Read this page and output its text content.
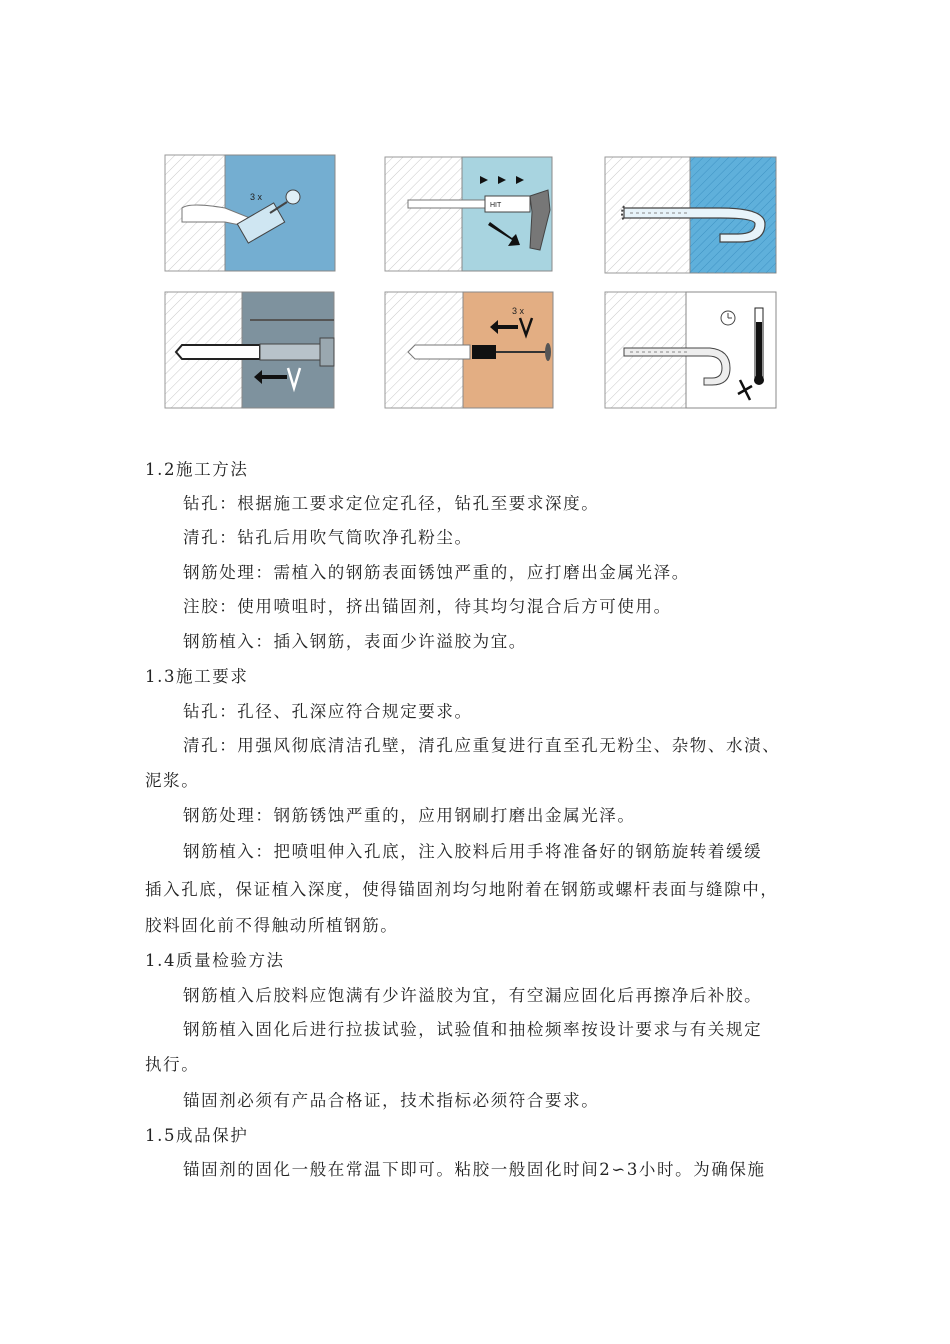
3 x
HIT
3 x
1.2施工方法
钻孔：根据施工要求定位定孔径，钻孔至要求深度。
清孔：钻孔后用吹气筒吹净孔粉尘。
钢筋处理：需植入的钢筋表面锈蚀严重的，应打磨出金属光泽。
注胶：使用喷咀时，挤出锚固剂，待其均匀混合后方可使用。
钢筋植入：插入钢筋，表面少许溢胶为宜。
1.3施工要求
钻孔：孔径、孔深应符合规定要求。
清孔：用强风彻底清洁孔壁，清孔应重复进行直至孔无粉尘、杂物、水渍、
泥浆。
钢筋处理：钢筋锈蚀严重的，应用钢刷打磨出金属光泽。
钢筋植入：把喷咀伸入孔底，注入胶料后用手将准备好的钢筋旋转着缓缓
插入孔底，保证植入深度，使得锚固剂均匀地附着在钢筋或螺杆表面与缝隙中，
胶料固化前不得触动所植钢筋。
1.4质量检验方法
钢筋植入后胶料应饱满有少许溢胶为宜，有空漏应固化后再擦净后补胶。
钢筋植入固化后进行拉拔试验，试验值和抽检频率按设计要求与有关规定
执行。
锚固剂必须有产品合格证，技术指标必须符合要求。
1.5成品保护
锚固剂的固化一般在常温下即可。粘胶一般固化时间2∽3小时。为确保施
